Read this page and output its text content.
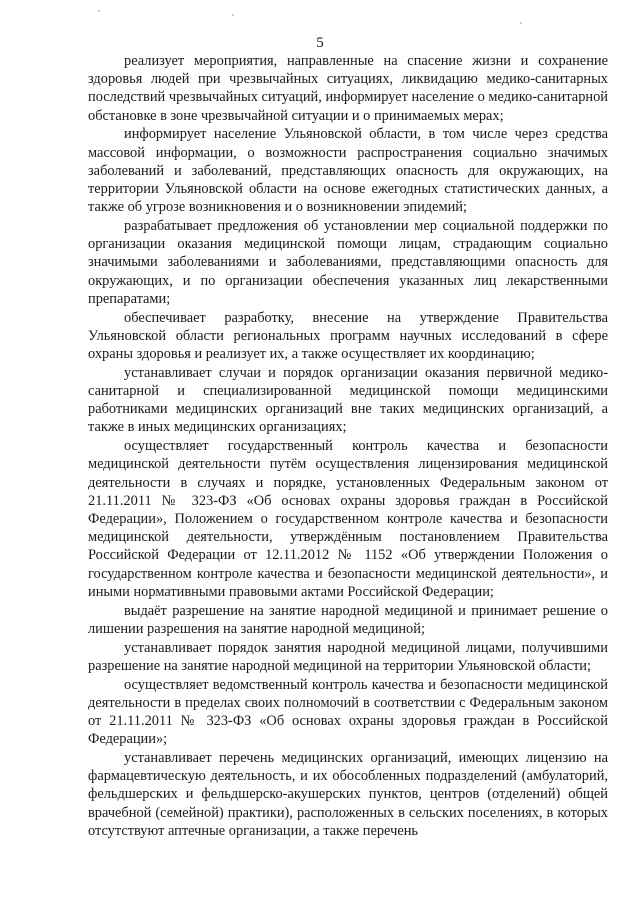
5

реализует мероприятия, направленные на спасение жизни и сохранение здоровья людей при чрезвычайных ситуациях, ликвидацию медико-санитарных последствий чрезвычайных ситуаций, информирует население о медико-санитарной обстановке в зоне чрезвычайной ситуации и о принимаемых мерах;

информирует население Ульяновской области, в том числе через средства массовой информации, о возможности распространения социально значимых заболеваний и заболеваний, представляющих опасность для окружающих, на территории Ульяновской области на основе ежегодных статистических данных, а также об угрозе возникновения и о возникновении эпидемий;

разрабатывает предложения об установлении мер социальной поддержки по организации оказания медицинской помощи лицам, страдающим социально значимыми заболеваниями и заболеваниями, представляющими опасность для окружающих, и по организации обеспечения указанных лиц лекарственными препаратами;

обеспечивает разработку, внесение на утверждение Правительства Ульяновской области региональных программ научных исследований в сфере охраны здоровья и реализует их, а также осуществляет их координацию;

устанавливает случаи и порядок организации оказания первичной медико-санитарной и специализированной медицинской помощи медицинскими работниками медицинских организаций вне таких медицинских организаций, а также в иных медицинских организациях;

осуществляет государственный контроль качества и безопасности медицинской деятельности путём осуществления лицензирования медицинской деятельности в случаях и порядке, установленных Федеральным законом от 21.11.2011 № 323-ФЗ «Об основах охраны здоровья граждан в Российской Федерации», Положением о государственном контроле качества и безопасности медицинской деятельности, утверждённым постановлением Правительства Российской Федерации от 12.11.2012 № 1152 «Об утверждении Положения о государственном контроле качества и безопасности медицинской деятельности», и иными нормативными правовыми актами Российской Федерации;

выдаёт разрешение на занятие народной медициной и принимает решение о лишении разрешения на занятие народной медициной;

устанавливает порядок занятия народной медициной лицами, получившими разрешение на занятие народной медициной на территории Ульяновской области;

осуществляет ведомственный контроль качества и безопасности медицинской деятельности в пределах своих полномочий в соответствии с Федеральным законом от 21.11.2011 № 323-ФЗ «Об основах охраны здоровья граждан в Российской Федерации»;

устанавливает перечень медицинских организаций, имеющих лицензию на фармацевтическую деятельность, и их обособленных подразделений (амбулаторий, фельдшерских и фельдшерско-акушерских пунктов, центров (отделений) общей врачебной (семейной) практики), расположенных в сельских поселениях, в которых отсутствуют аптечные организации, а также перечень
